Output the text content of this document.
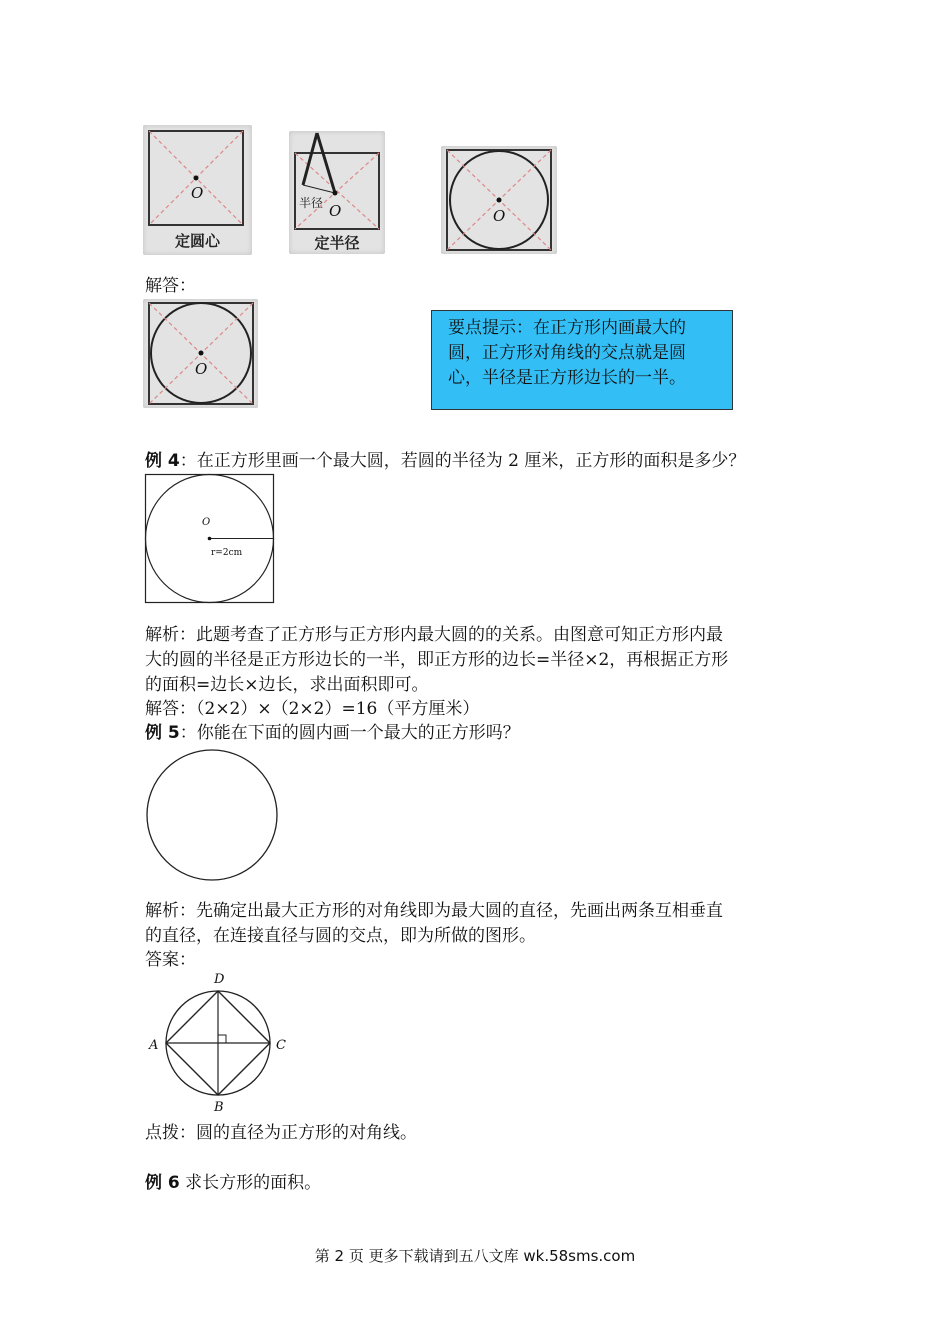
O
定圆心
半径 O
定半径
O
解答：
O
要点提示：在正方形内画最大的
圆，正方形对角线的交点就是圆
心，半径是正方形边长的一半。
例 4：在正方形里画一个最大圆，若圆的半径为 2 厘米，正方形的面积是多少？
O
r=2cm
解析：此题考查了正方形与正方形内最大圆的的关系。由图意可知正方形内最
大的圆的半径是正方形边长的一半，即正方形的边长=半径×2，再根据正方形
的面积=边长×边长，求出面积即可。
解答：（2×2）×（2×2）=16（平方厘米）
例 5：你能在下面的圆内画一个最大的正方形吗？
解析：先确定出最大正方形的对角线即为最大圆的直径，先画出两条互相垂直
的直径，在连接直径与圆的交点，即为所做的图形。
答案：
D
A	C
B
点拨：圆的直径为正方形的对角线。
例 6 求长方形的面积。
第 2 页 更多下载请到五八文库 wk.58sms.com
